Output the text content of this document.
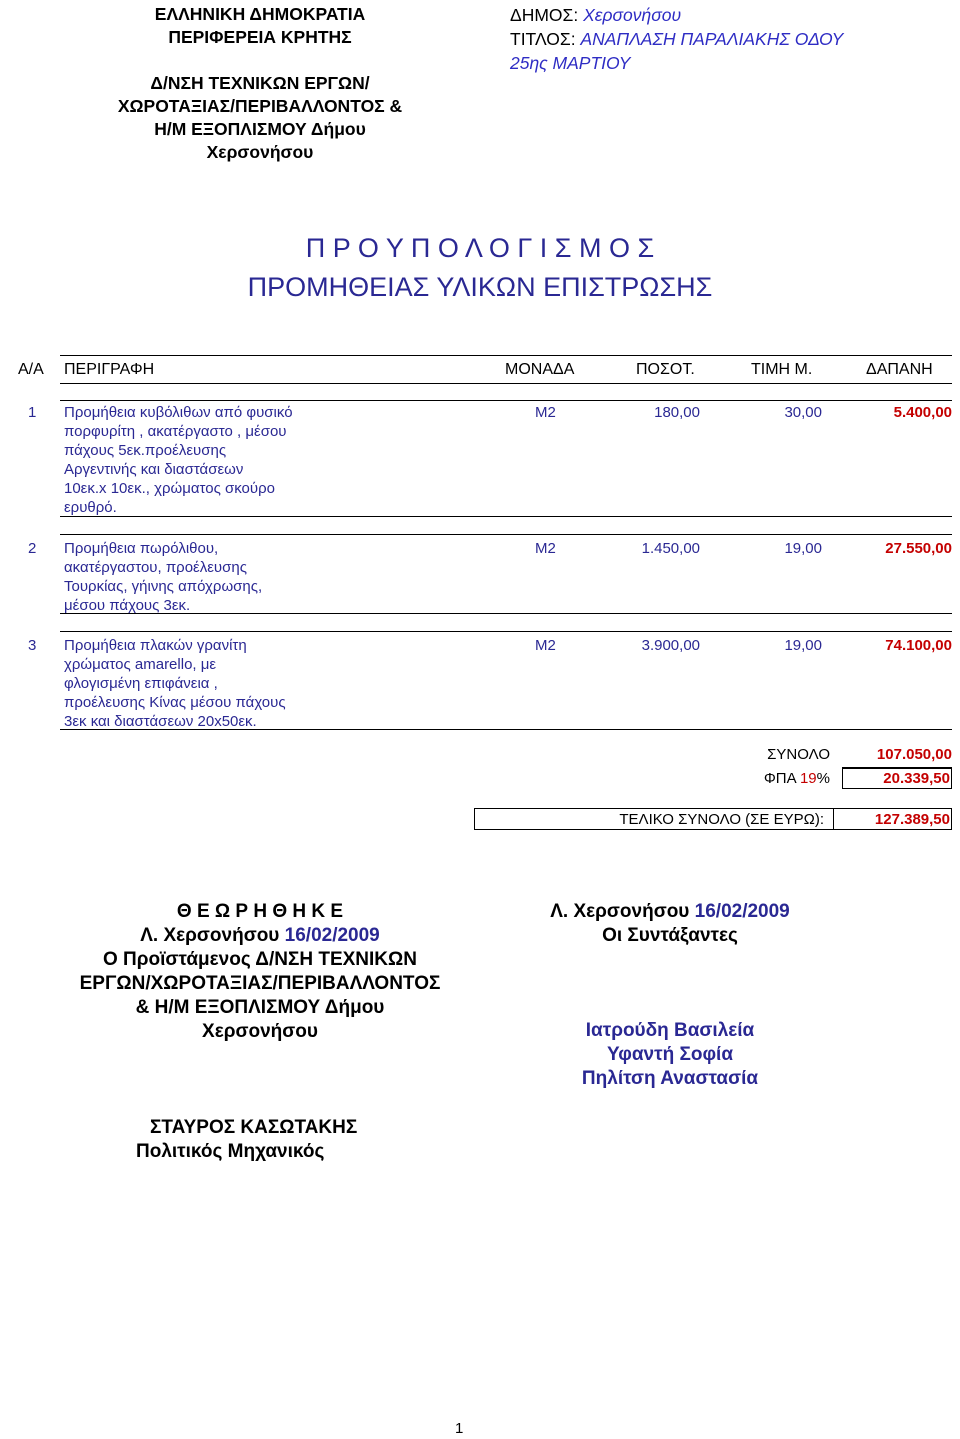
ΕΛΛΗΝΙΚΗ ΔΗΜΟΚΡΑΤΙΑ
ΠΕΡΙΦΕΡΕΙΑ ΚΡΗΤΗΣ
Δ/ΝΣΗ ΤΕΧΝΙΚΩΝ ΕΡΓΩΝ/
ΧΩΡΟΤΑΞΙΑΣ/ΠΕΡΙΒΑΛΛΟΝΤΟΣ &
Η/Μ ΕΞΟΠΛΙΣΜΟΥ Δήμου
Χερσονήσου
ΔΗΜΟΣ: Χερσονήσου
ΤΙΤΛΟΣ: ΑΝΑΠΛΑΣΗ ΠΑΡΑΛΙΑΚΗΣ ΟΔΟΥ
25ης ΜΑΡΤΙΟΥ
Π Ρ Ο Υ Π Ο Λ Ο Γ Ι Σ Μ Ο Σ
ΠΡΟΜΗΘΕΙΑΣ ΥΛΙΚΩΝ ΕΠΙΣΤΡΩΣΗΣ
Α/Α ΠΕΡΙΓΡΑΦΗ	ΜΟΝΑΔΑ	ΠΟΣΟΤ.	ΤΙΜΗ Μ.	ΔΑΠΑΝΗ
1 Προμήθεια κυβόλιθων από φυσικό
πορφυρίτη , ακατέργαστο , μέσου
πάχους 5εκ.προέλευσης
Αργεντινής και διαστάσεων
10εκ.x 10εκ., χρώματος σκούρο
ερυθρό.
Μ2	180,00	30,00	5.400,00
2 Προμήθεια πωρόλιθου,
ακατέργαστου, προέλευσης
Τουρκίας, γήινης απόχρωσης,
μέσου πάχους 3εκ.
Μ2	1.450,00	19,00	27.550,00
3 Προμήθεια πλακών γρανίτη
χρώματος amarello, με
φλογισμένη επιφάνεια ,
προέλευσης Κίνας μέσου πάχους
3εκ και διαστάσεων 20x50εκ.
Μ2	3.900,00	19,00	74.100,00
ΣΥΝΟΛΟ	107.050,00
ΦΠΑ 19%	20.339,50
ΤΕΛΙΚΟ ΣΥΝΟΛΟ (ΣΕ ΕΥΡΩ):	127.389,50
Θ Ε Ω Ρ Η Θ Η Κ Ε
Λ. Χερσονήσου 16/02/2009
Ο Προϊστάμενος Δ/ΝΣΗ ΤΕΧΝΙΚΩΝ
ΕΡΓΩΝ/ΧΩΡΟΤΑΞΙΑΣ/ΠΕΡΙΒΑΛΛΟΝΤΟΣ
& Η/Μ ΕΞΟΠΛΙΣΜΟΥ Δήμου
Χερσονήσου
Λ. Χερσονήσου 16/02/2009
Οι Συντάξαντες
Ιατρούδη Βασιλεία
Υφαντή Σοφία
Πηλίτση Αναστασία
ΣΤΑΥΡΟΣ ΚΑΣΩΤΑΚΗΣ
Πολιτικός Μηχανικός
1
